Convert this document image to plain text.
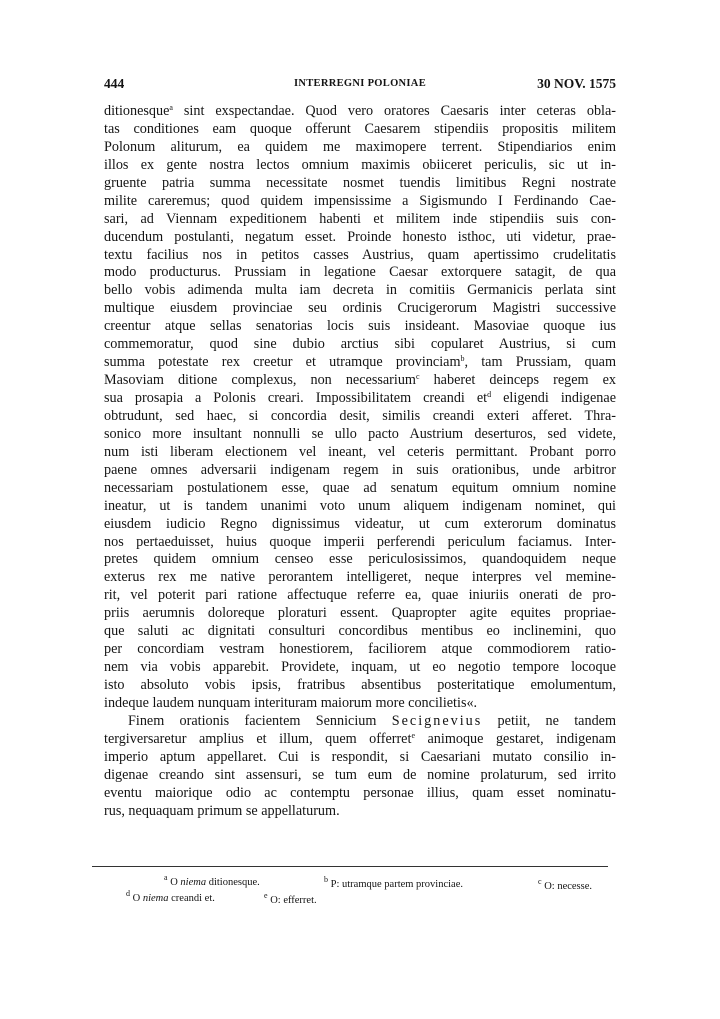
444	INTERREGNI POLONIAE	30 NOV. 1575
ditionesque$^a$ sint exspectandae. Quod vero oratores Caesaris inter ceteras obla-
tas conditiones eam quoque offerunt Caesarem stipendiis propositis militem
Polonum aliturum, ea quidem me maximopere terrent. Stipendiarios enim
illos ex gente nostra lectos omnium maximis obiiceret periculis, sic ut in-
gruente patria summa necessitate nosmet tuendis limitibus Regni nostrate
milite careremus; quod quidem impensissime a Sigismundo I Ferdinando Cae-
sari, ad Viennam expeditionem habenti et militem inde stipendiis suis con-
ducendum postulanti, negatum esset. Proinde honesto isthoc, uti videtur, prae-
textu facilius nos in petitos casses Austrius, quam apertissimo crudelitatis
modo producturus. Prussiam in legatione Caesar extorquere satagit, de qua
bello vobis adimenda multa iam decreta in comitiis Germanicis perlata sint
multique eiusdem provinciae seu ordinis Crucigerorum Magistri successive
creentur atque sellas senatorias locis suis insideant. Masoviae quoque ius
commemoratur, quod sine dubio arctius sibi copularet Austrius, si cum
summa potestate rex creetur et utramque provinciam$^b$, tam Prussiam, quam
Masoviam ditione complexus, non necessarium$^c$ haberet deinceps regem ex
sua prosapia a Polonis creari. Impossibilitatem creandi $et^d$ eligendi indigenae
obtrudunt, sed haec, si concordia desit, similis creandi exteri afferet. Thra-
sonico more insultant nonnulli se ullo pacto Austrium deserturos, sed videte,
num isti liberam electionem vel ineant, vel ceteris permittant. Probant porro
paene omnes adversarii indigenam regem in suis orationibus, unde arbitror
necessariam postulationem esse, quae ad senatum equitum omnium nomine
ineatur, ut is tandem unanimi voto unum aliquem indigenam nominet, qui
eiusdem iudicio Regno dignissimus videatur, ut cum exterorum dominatus
nos pertaeduisset, huius quoque imperii perferendi periculum faciamus. Inter-
pretes quidem omnium censeo esse periculosissimos, quandoquidem neque
exterus rex me native perorantem intelligeret, neque interpres vel memine-
rit, vel poterit pari ratione affectuque referre ea, quae iniuriis onerati de pro-
priis aerumnis doloreque ploraturi essent. Quapropter agite equites propriae-
que saluti ac dignitati consulturi concordibus mentibus eo inclinemini, quo
per concordiam vestram honestiorem, faciliorem atque commodiorem ratio-
nem via vobis apparebit. Providete, inquam, ut eo negotio tempore locoque
isto absoluto vobis ipsis, fratribus absentibus posteritatique emolumentum,
indeque laudem nunquam interituram maiorum more concilietis«.
Finem orationis facientem Sennicium Secignevius petiit, ne tandem
tergiversaretur amplius et illum, quem offerret$^e$ animoque gestaret, indigenam
imperio aptum appellaret. Cui is respondit, si Caesariani mutato consilio in-
digenae creando sint assensuri, se tum eum de nomine prolaturum, sed irrito
eventu maiorique odio ac contemptu personae illius, quam esset nominatu-
rus, nequaquam primum se appellaturum.
$^a$ O niema ditionesque.	$^b$ P: utramque partem provinciae.	$^c$ O: necesse.
$^d$ O niema creandi et.	$^e$ O: efferret.
